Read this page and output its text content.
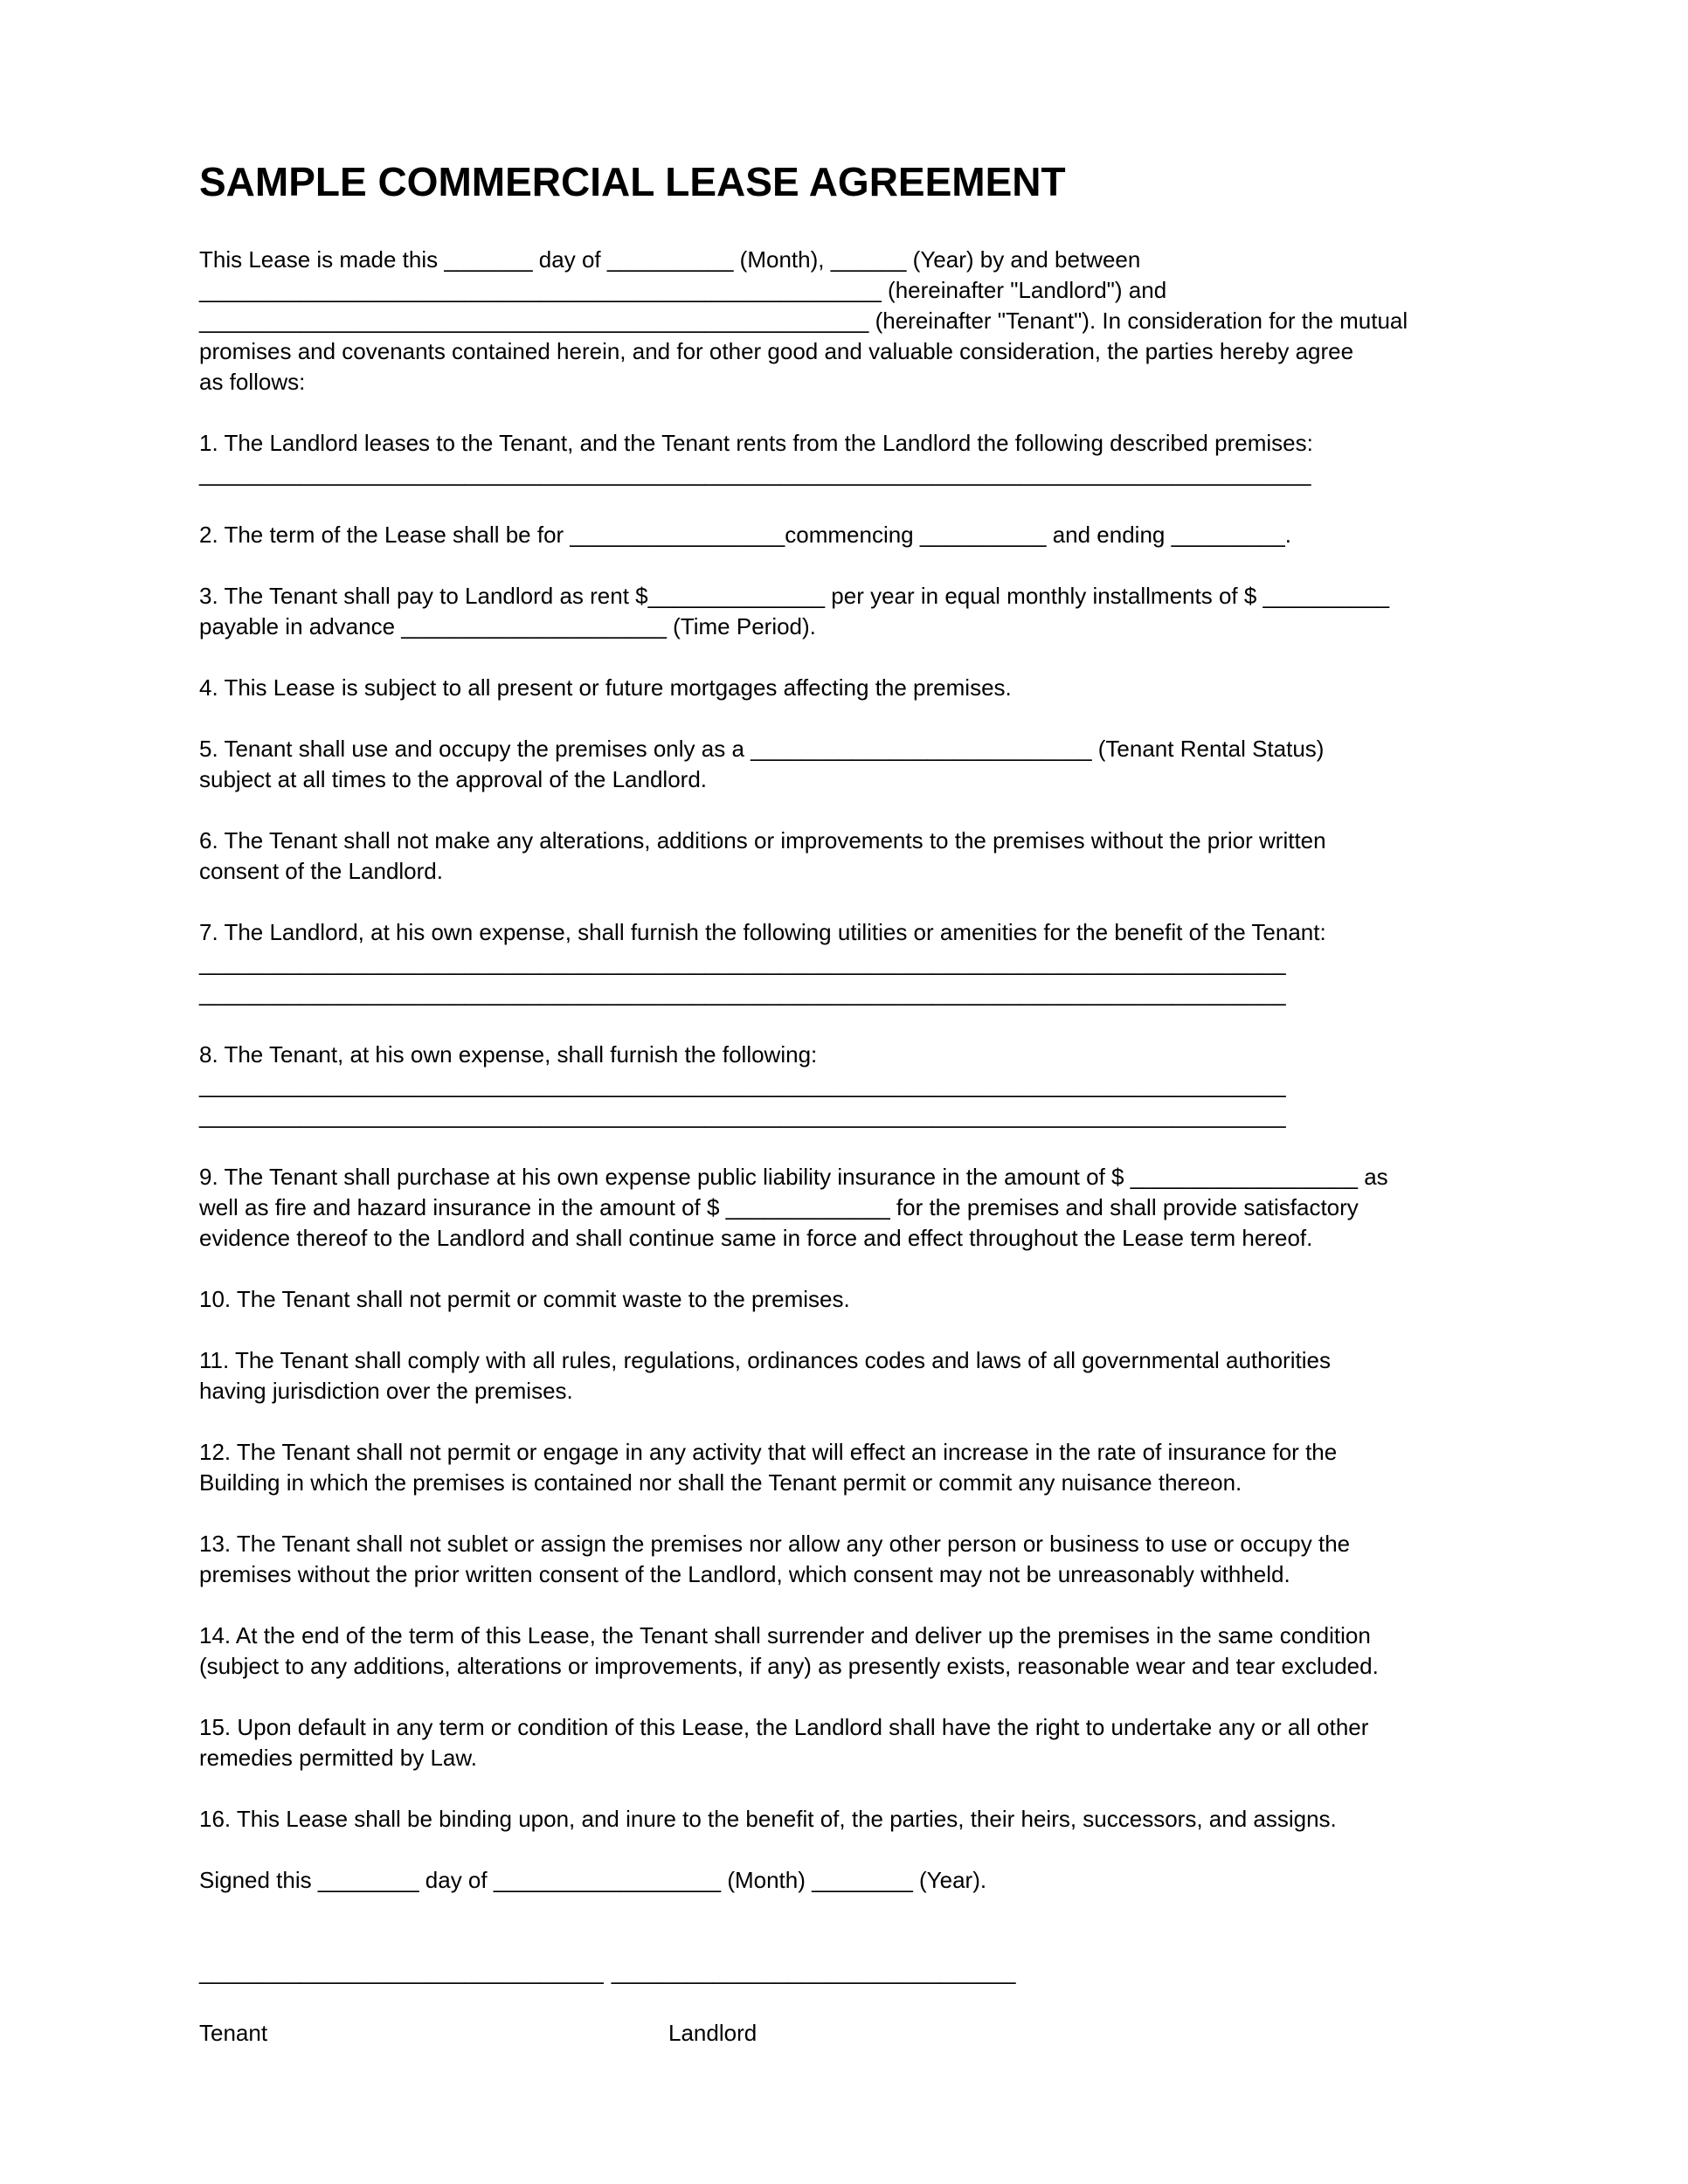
SAMPLE COMMERCIAL LEASE AGREEMENT

This Lease is made this _______ day of __________ (Month), ______ (Year) by and between
______________________________________________________ (hereinafter "Landlord") and
_____________________________________________________ (hereinafter "Tenant"). In consideration for the mutual
promises and covenants contained herein, and for other good and valuable consideration, the parties hereby agree
as follows:

1. The Landlord leases to the Tenant, and the Tenant rents from the Landlord the following described premises:
________________________________________________________________________________________

2. The term of the Lease shall be for _________________commencing __________ and ending _________.

3. The Tenant shall pay to Landlord as rent $______________ per year in equal monthly installments of $ __________
payable in advance _____________________ (Time Period).

4. This Lease is subject to all present or future mortgages affecting the premises.

5. Tenant shall use and occupy the premises only as a ___________________________ (Tenant Rental Status)
subject at all times to the approval of the Landlord.

6. The Tenant shall not make any alterations, additions or improvements to the premises without the prior written
consent of the Landlord.

7. The Landlord, at his own expense, shall furnish the following utilities or amenities for the benefit of the Tenant:
______________________________________________________________________________________
______________________________________________________________________________________

8. The Tenant, at his own expense, shall furnish the following:
______________________________________________________________________________________
______________________________________________________________________________________

9. The Tenant shall purchase at his own expense public liability insurance in the amount of $ __________________ as
well as fire and hazard insurance in the amount of $ _____________ for the premises and shall provide satisfactory
evidence thereof to the Landlord and shall continue same in force and effect throughout the Lease term hereof.

10. The Tenant shall not permit or commit waste to the premises.

11. The Tenant shall comply with all rules, regulations, ordinances codes and laws of all governmental authorities
having jurisdiction over the premises.

12. The Tenant shall not permit or engage in any activity that will effect an increase in the rate of insurance for the
Building in which the premises is contained nor shall the Tenant permit or commit any nuisance thereon.

13. The Tenant shall not sublet or assign the premises nor allow any other person or business to use or occupy the
premises without the prior written consent of the Landlord, which consent may not be unreasonably withheld.

14. At the end of the term of this Lease, the Tenant shall surrender and deliver up the premises in the same condition
(subject to any additions, alterations or improvements, if any) as presently exists, reasonable wear and tear excluded.

15. Upon default in any term or condition of this Lease, the Landlord shall have the right to undertake any or all other
remedies permitted by Law.

16. This Lease shall be binding upon, and inure to the benefit of, the parties, their heirs, successors, and assigns.

Signed this ________ day of __________________ (Month) ________ (Year).

________________________________ ________________________________
Tenant	Landlord
